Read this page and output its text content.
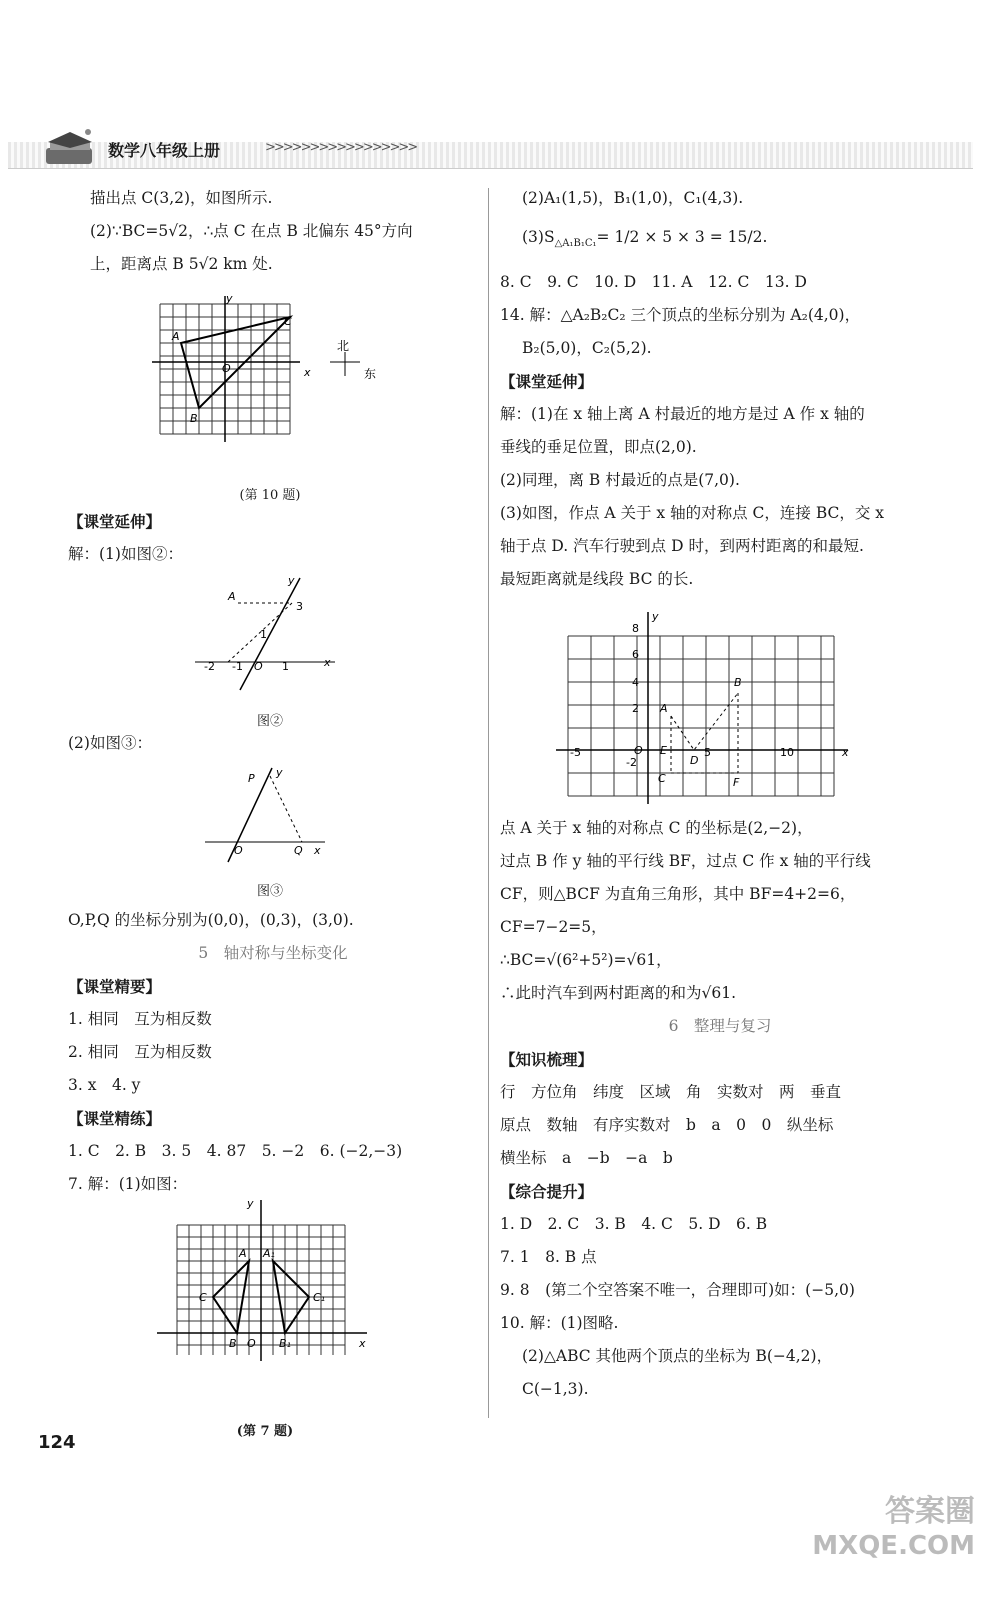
数学八年级上册	>>>>>>>>>>>>>>>>>
描出点 C(3,2)，如图所示.
(2)∵BC=5√2，∴点 C 在点 B 北偏东 45°方向
上，距离点 B 5√2 km 处.
A
B
C
O	x
y
北
东
(第 10 题)
【课堂延伸】
解：(1)如图②：
A
y
x
3
1
-2 -1 O 1
图②
(2)如图③：
P y
O	Q x
图③
O,P,Q 的坐标分别为(0,0)，(0,3)，(3,0).
5　轴对称与坐标变化
【课堂精要】
1. 相同　互为相反数
2. 相同　互为相反数
3. x　4. y
【课堂精练】
1. C　2. B　3. 5　4. 87　5. −2　6. (−2,−3)
7. 解：(1)如图：
A A₁
C	C₁
B O B₁	x
y
(第 7 题)
124
(2)A₁(1,5)，B₁(1,0)，C₁(4,3).
$(3)S_{\triangle A_1B_1C_1}= 1/2 \times 5 \times 3 = 15/2$.
8. C　9. C　10. D　11. A　12. C　13. D
14. 解：△A₂B₂C₂ 三个顶点的坐标分别为 A₂(4,0)，
B₂(5,0)，C₂(5,2).
【课堂延伸】
解：(1)在 x 轴上离 A 村最近的地方是过 A 作 x 轴的
垂线的垂足位置，即点(2,0).
(2)同理，离 B 村最近的点是(7,0).
(3)如图，作点 A 关于 x 轴的对称点 C，连接 BC，交 x
轴于点 D. 汽车行驶到点 D 时，到两村距离的和最短.
最短距离就是线段 BC 的长.
y
x
8
6
4
2
-2
-5	5	10
O
A
B
C
D
E
F
点 A 关于 x 轴的对称点 C 的坐标是(2,−2)，
过点 B 作 y 轴的平行线 BF，过点 C 作 x 轴的平行线
CF，则△BCF 为直角三角形，其中 BF=4+2=6，
CF=7−2=5，
∴BC=√(6²+5²)=√61，
∴此时汽车到两村距离的和为√61.
6　整理与复习
【知识梳理】
行　方位角　纬度　区域　角　实数对　两　垂直
原点　数轴　有序实数对　b　a　0　0　纵坐标
横坐标　a　−b　−a　b
【综合提升】
1. D　2. C　3. B　4. C　5. D　6. B
7. 1　8. B 点
9. 8　(第二个空答案不唯一，合理即可)如：(−5,0)
10. 解：(1)图略.
(2)△ABC 其他两个顶点的坐标为 B(−4,2)，
C(−1,3).
答案圈
MXQE.COM
